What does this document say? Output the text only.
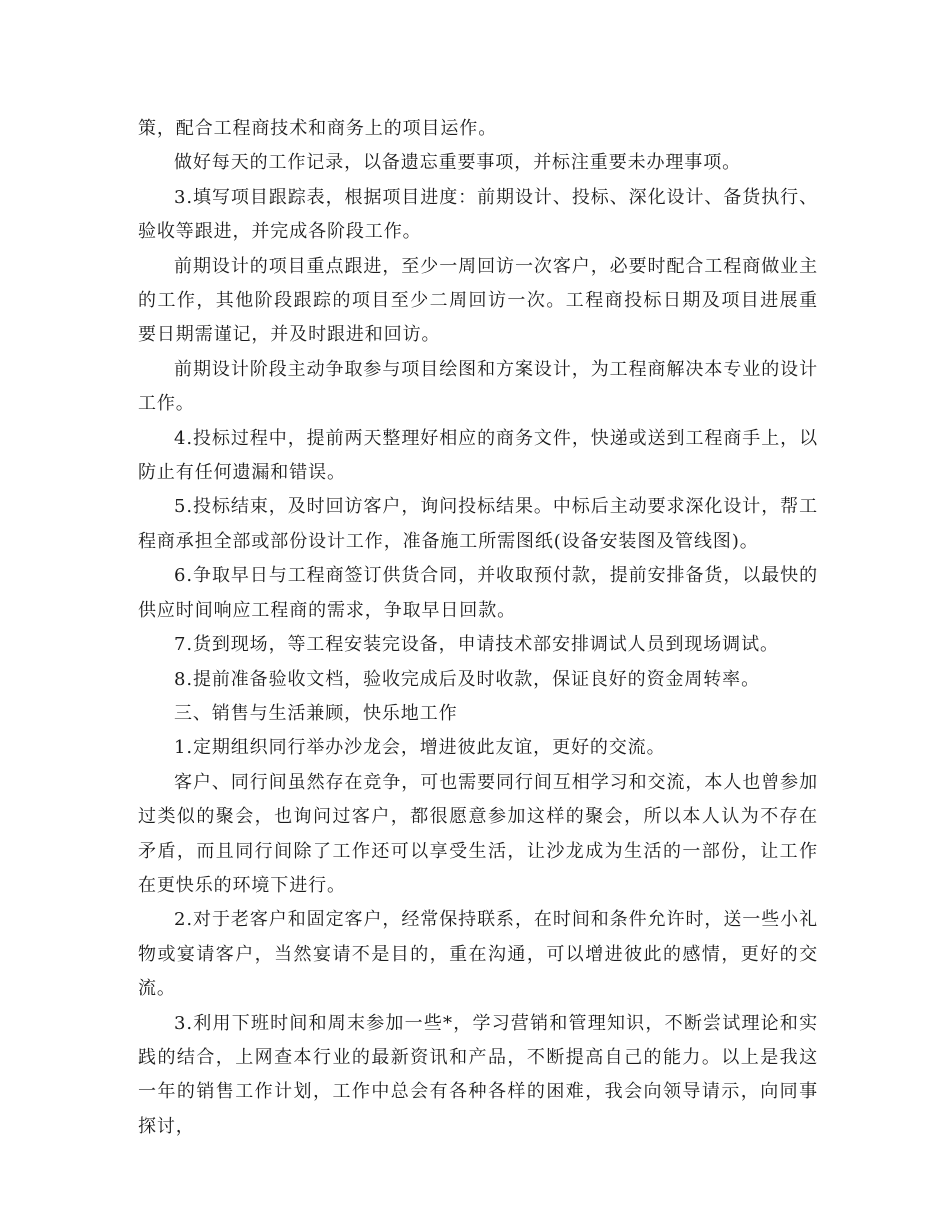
策，配合工程商技术和商务上的项目运作。

做好每天的工作记录，以备遗忘重要事项，并标注重要未办理事项。

3.填写项目跟踪表，根据项目进度：前期设计、投标、深化设计、备货执行、验收等跟进，并完成各阶段工作。

前期设计的项目重点跟进，至少一周回访一次客户，必要时配合工程商做业主的工作，其他阶段跟踪的项目至少二周回访一次。工程商投标日期及项目进展重要日期需谨记，并及时跟进和回访。

前期设计阶段主动争取参与项目绘图和方案设计，为工程商解决本专业的设计工作。

4.投标过程中，提前两天整理好相应的商务文件，快递或送到工程商手上，以防止有任何遗漏和错误。

5.投标结束，及时回访客户，询问投标结果。中标后主动要求深化设计，帮工程商承担全部或部份设计工作，准备施工所需图纸(设备安装图及管线图)。

6.争取早日与工程商签订供货合同，并收取预付款，提前安排备货，以最快的供应时间响应工程商的需求，争取早日回款。

7.货到现场，等工程安装完设备，申请技术部安排调试人员到现场调试。

8.提前准备验收文档，验收完成后及时收款，保证良好的资金周转率。

三、销售与生活兼顾，快乐地工作

1.定期组织同行举办沙龙会，增进彼此友谊，更好的交流。

客户、同行间虽然存在竞争，可也需要同行间互相学习和交流，本人也曾参加过类似的聚会，也询问过客户，都很愿意参加这样的聚会，所以本人认为不存在矛盾，而且同行间除了工作还可以享受生活，让沙龙成为生活的一部份，让工作在更快乐的环境下进行。

2.对于老客户和固定客户，经常保持联系，在时间和条件允许时，送一些小礼物或宴请客户，当然宴请不是目的，重在沟通，可以增进彼此的感情，更好的交流。

3.利用下班时间和周末参加一些*，学习营销和管理知识，不断尝试理论和实践的结合，上网查本行业的最新资讯和产品，不断提高自己的能力。以上是我这一年的销售工作计划，工作中总会有各种各样的困难，我会向领导请示，向同事探讨，
